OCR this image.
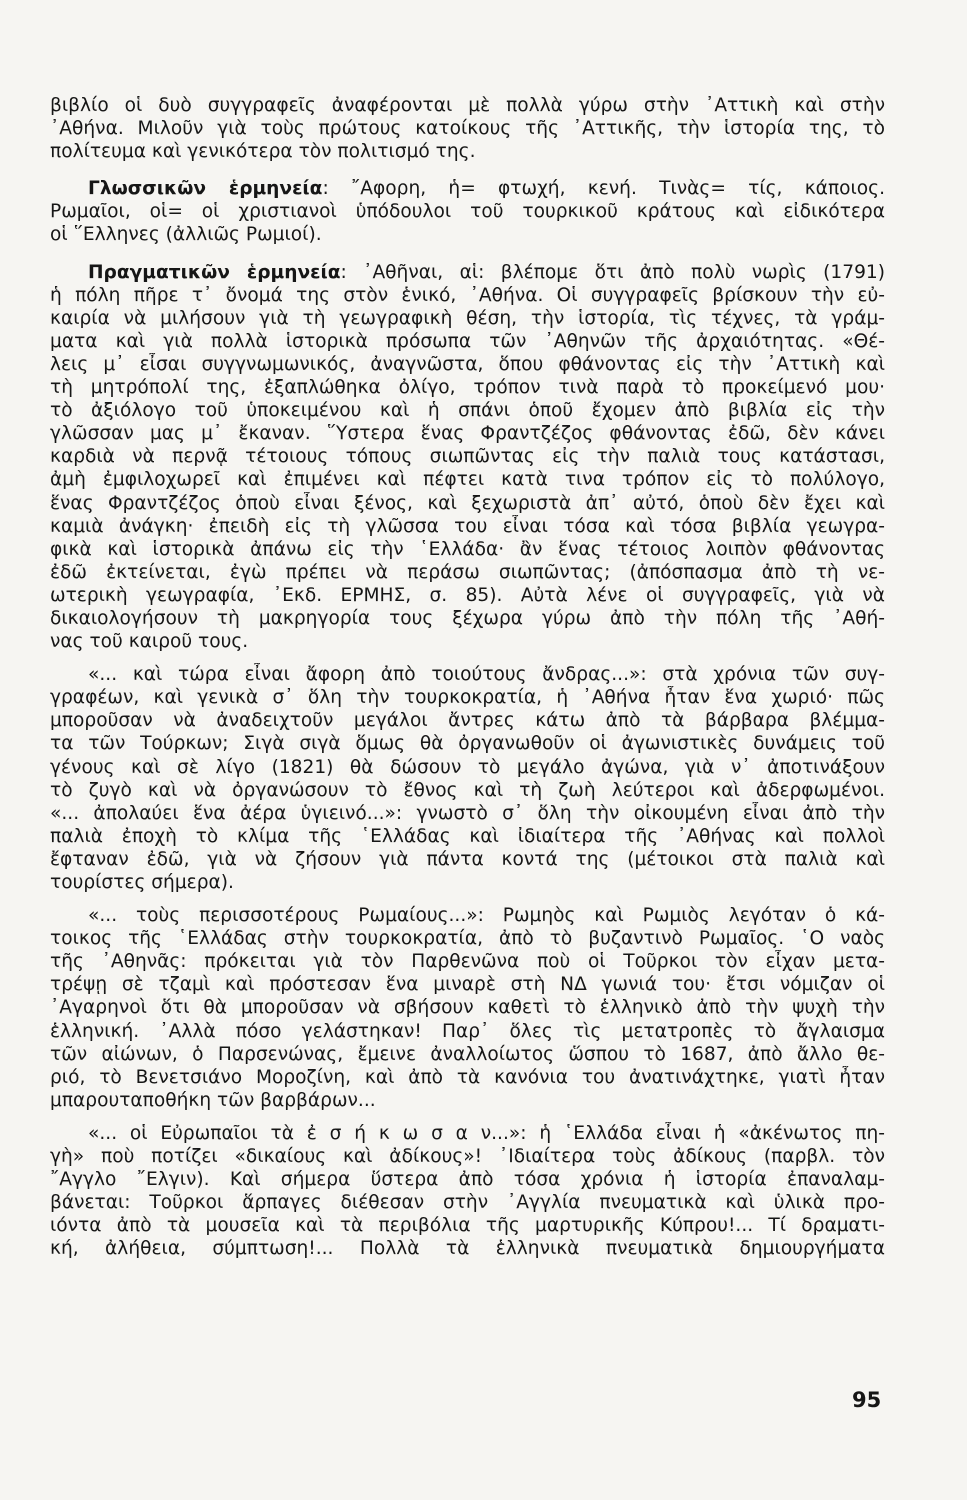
βιβλίο οἱ δυὸ συγγραφεῖς ἀναφέρονται μὲ πολλὰ γύρω στὴν ᾿Αττικὴ καὶ στὴν
᾿Αθήνα. Μιλοῦν γιὰ τοὺς πρώτους κατοίκους τῆς ᾿Αττικῆς, τὴν ἱστορία της, τὸ
πολίτευμα καὶ γενικότερα τὸν πολιτισμό της.
Γλωσσικῶν ἑρμηνεία: ῎Αφορη, ἡ= φτωχή, κενή. Τινὰς= τίς, κάποιος.
Ρωμαῖοι, οἱ= οἱ χριστιανοὶ ὑπόδουλοι τοῦ τουρκικοῦ κράτους καὶ εἰδικότερα
οἱ ῞Ελληνες (ἀλλιῶς Ρωμιοί).
Πραγματικῶν ἑρμηνεία: ᾿Αθῆναι, αἱ: βλέπομε ὅτι ἀπὸ πολὺ νωρὶς (1791)
ἡ πόλη πῆρε τ᾿ ὄνομά της στὸν ἑνικό, ᾿Αθήνα. Οἱ συγγραφεῖς βρίσκουν τὴν εὐ-
καιρία νὰ μιλήσουν γιὰ τὴ γεωγραφικὴ θέση, τὴν ἱστορία, τὶς τέχνες, τὰ γράμ-
ματα καὶ γιὰ πολλὰ ἱστορικὰ πρόσωπα τῶν ᾿Αθηνῶν τῆς ἀρχαιότητας. «Θέ-
λεις μ᾿ εἶσαι συγγνωμωνικός, ἀναγνῶστα, ὅπου φθάνοντας εἰς τὴν ᾿Αττικὴ καὶ
τὴ μητρόπολί της, ἐξαπλώθηκα ὀλίγο, τρόπον τινὰ παρὰ τὸ προκείμενό μου·
τὸ ἀξιόλογο τοῦ ὑποκειμένου καὶ ἡ σπάνι ὁποῦ ἔχομεν ἀπὸ βιβλία εἰς τὴν
γλῶσσαν μας μ᾿ ἔκαναν. ῞Υστερα ἕνας Φραντζέζος φθάνοντας ἐδῶ, δὲν κάνει
καρδιὰ νὰ περνᾷ τέτοιους τόπους σιωπῶντας εἰς τὴν παλιὰ τους κατάστασι,
ἀμὴ ἐμφιλοχωρεῖ καὶ ἐπιμένει καὶ πέφτει κατὰ τινα τρόπον εἰς τὸ πολύλογο,
ἕνας Φραντζέζος ὁποὺ εἶναι ξένος, καὶ ξεχωριστὰ ἀπ᾿ αὐτό, ὁποὺ δὲν ἔχει καὶ
καμιὰ ἀνάγκη· ἐπειδὴ εἰς τὴ γλῶσσα του εἶναι τόσα καὶ τόσα βιβλία γεωγρα-
φικὰ καὶ ἱστορικὰ ἀπάνω εἰς τὴν ῾Ελλάδα· ἂν ἕνας τέτοιος λοιπὸν φθάνοντας
ἐδῶ ἐκτείνεται, ἐγὼ πρέπει νὰ περάσω σιωπῶντας; (ἀπόσπασμα ἀπὸ τὴ νε-
ωτερικὴ γεωγραφία, ᾿Εκδ. ΕΡΜΗΣ, σ. 85). Αὐτὰ λένε οἱ συγγραφεῖς, γιὰ νὰ
δικαιολογήσουν τὴ μακρηγορία τους ξέχωρα γύρω ἀπὸ τὴν πόλη τῆς ᾿Αθή-
νας τοῦ καιροῦ τους.
«... καὶ τώρα εἶναι ἄφορη ἀπὸ τοιούτους ἄνδρας...»: στὰ χρόνια τῶν συγ-
γραφέων, καὶ γενικὰ σ᾿ ὅλη τὴν τουρκοκρατία, ἡ ᾿Αθήνα ἦταν ἕνα χωριό· πῶς
μποροῦσαν νὰ ἀναδειχτοῦν μεγάλοι ἄντρες κάτω ἀπὸ τὰ βάρβαρα βλέμμα-
τα τῶν Τούρκων; Σιγὰ σιγὰ ὅμως θὰ ὀργανωθοῦν οἱ ἀγωνιστικὲς δυνάμεις τοῦ
γένους καὶ σὲ λίγο (1821) θὰ δώσουν τὸ μεγάλο ἀγώνα, γιὰ ν᾿ ἀποτινάξουν
τὸ ζυγὸ καὶ νὰ ὀργανώσουν τὸ ἔθνος καὶ τὴ ζωὴ λεύτεροι καὶ ἀδερφωμένοι.
«... ἀπολαύει ἕνα ἀέρα ὑγιεινό...»: γνωστὸ σ᾿ ὅλη τὴν οἰκουμένη εἶναι ἀπὸ τὴν
παλιὰ ἐποχὴ τὸ κλίμα τῆς ῾Ελλάδας καὶ ἰδιαίτερα τῆς ᾿Αθήνας καὶ πολλοὶ
ἔφταναν ἐδῶ, γιὰ νὰ ζήσουν γιὰ πάντα κοντά της (μέτοικοι στὰ παλιὰ καὶ
τουρίστες σήμερα).
«... τοὺς περισσοτέρους Ρωμαίους...»: Ρωμηὸς καὶ Ρωμιὸς λεγόταν ὁ κά-
τοικος τῆς ῾Ελλάδας στὴν τουρκοκρατία, ἀπὸ τὸ βυζαντινὸ Ρωμαῖος. ῾Ο ναὸς
τῆς ᾿Αθηνᾶς: πρόκειται γιὰ τὸν Παρθενῶνα ποὺ οἱ Τοῦρκοι τὸν εἶχαν μετα-
τρέψῃ σὲ τζαμὶ καὶ πρόστεσαν ἕνα μιναρὲ στὴ ΝΔ γωνιά του· ἔτσι νόμιζαν οἱ
᾿Αγαρηνοὶ ὅτι θὰ μποροῦσαν νὰ σβήσουν καθετὶ τὸ ἑλληνικὸ ἀπὸ τὴν ψυχὴ τὴν
ἑλληνική. ᾿Αλλὰ πόσο γελάστηκαν! Παρ᾿ ὅλες τὶς μετατροπὲς τὸ ἄγλαισμα
τῶν αἰώνων, ὁ Παρσενώνας, ἔμεινε ἀναλλοίωτος ὥσπου τὸ 1687, ἀπὸ ἄλλο θε-
ριό, τὸ Βενετσιάνο Μοροζίνη, καὶ ἀπὸ τὰ κανόνια του ἀνατινάχτηκε, γιατὶ ἦταν
μπαρουταποθήκη τῶν βαρβάρων...
«... οἱ Εὐρωπαῖοι τὰ ἐ σ ή κ ω σ α ν...»: ἡ ῾Ελλάδα εἶναι ἡ «ἀκένωτος πη-
γὴ» ποὺ ποτίζει «δικαίους καὶ ἀδίκους»! ᾿Ιδιαίτερα τοὺς ἀδίκους (παρβλ. τὸν
῎Αγγλο ῎Ελγιν). Καὶ σήμερα ὕστερα ἀπὸ τόσα χρόνια ἡ ἱστορία ἐπαναλαμ-
βάνεται: Τοῦρκοι ἅρπαγες διέθεσαν στὴν ᾿Αγγλία πνευματικὰ καὶ ὑλικὰ προ-
ιόντα ἀπὸ τὰ μουσεῖα καὶ τὰ περιβόλια τῆς μαρτυρικῆς Κύπρου!... Τί δραματι-
κή, ἀλήθεια, σύμπτωση!... Πολλὰ τὰ ἑλληνικὰ πνευματικὰ δημιουργήματα
95
